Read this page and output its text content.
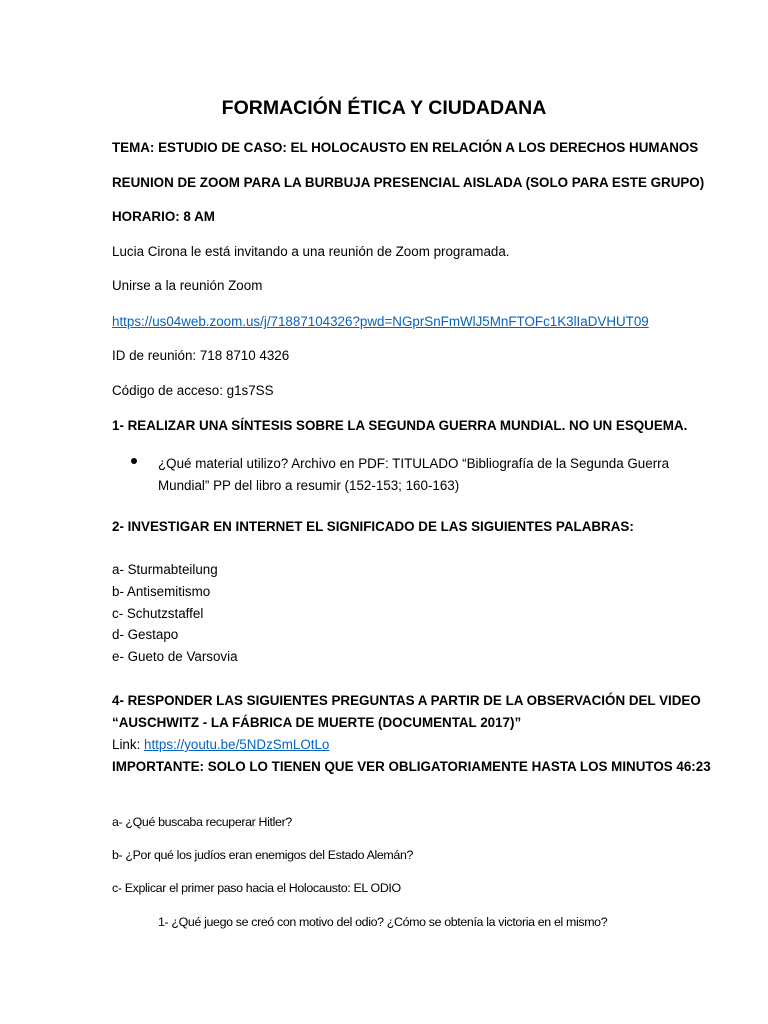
FORMACIÓN ÉTICA Y CIUDADANA
TEMA: ESTUDIO DE CASO: EL HOLOCAUSTO EN RELACIÓN A LOS DERECHOS HUMANOS
REUNION DE ZOOM PARA LA BURBUJA PRESENCIAL AISLADA (SOLO PARA ESTE GRUPO)
HORARIO: 8 AM
Lucia Cirona le está invitando a una reunión de Zoom programada.
Unirse a la reunión Zoom
https://us04web.zoom.us/j/71887104326?pwd=NGprSnFmWlJ5MnFTOFc1K3lIaDVHUT09
ID de reunión: 718 8710 4326
Código de acceso: g1s7SS
1- REALIZAR UNA SÍNTESIS SOBRE LA SEGUNDA GUERRA MUNDIAL. NO UN ESQUEMA.
¿Qué material utilizo? Archivo en PDF: TITULADO “Bibliografía de la Segunda Guerra Mundial” PP del libro a resumir (152-153; 160-163)
2- INVESTIGAR EN INTERNET EL SIGNIFICADO DE LAS SIGUIENTES PALABRAS:
a- Sturmabteilung
b- Antisemitismo
c- Schutzstaffel
d- Gestapo
e- Gueto de Varsovia
4- RESPONDER LAS SIGUIENTES PREGUNTAS A PARTIR DE LA OBSERVACIÓN DEL VIDEO
“AUSCHWITZ - LA FÁBRICA DE MUERTE (DOCUMENTAL 2017)”
Link: https://youtu.be/5NDzSmLOtLo
IMPORTANTE: SOLO LO TIENEN QUE VER OBLIGATORIAMENTE HASTA LOS MINUTOS 46:23
a- ¿Qué buscaba recuperar Hitler?
b- ¿Por qué los judíos eran enemigos del Estado Alemán?
c- Explicar el primer paso hacia el Holocausto: EL ODIO
1- ¿Qué juego se creó con motivo del odio? ¿Cómo se obtenía la victoria en el mismo?
